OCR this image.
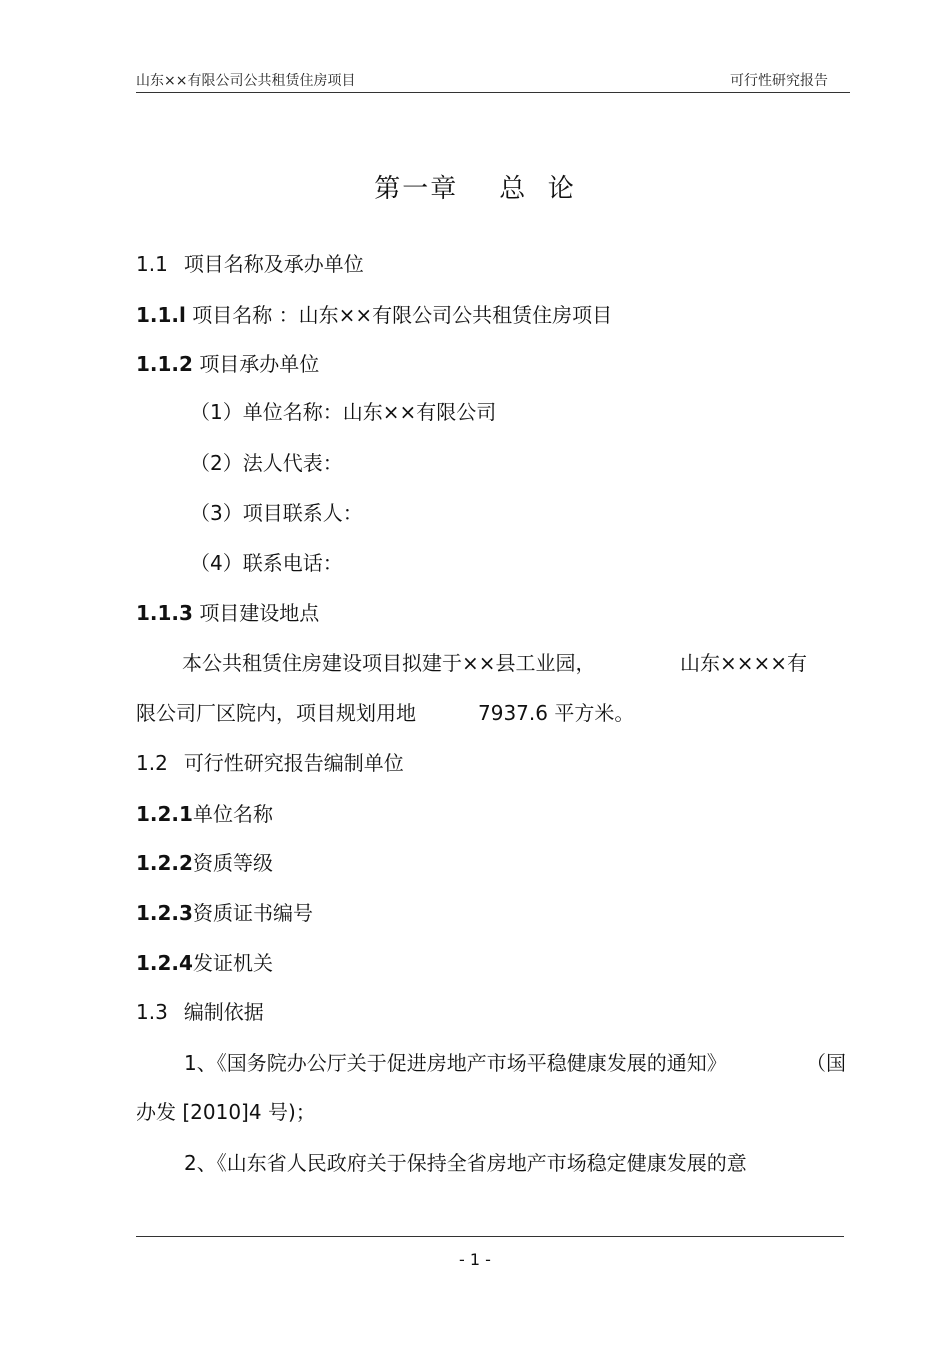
山东××有限公司公共租赁住房项目	可行性研究报告
第一章    总  论
1.1 项目名称及承办单位
1.1.l 项目名称 ：山东××有限公司公共租赁住房项目
1.1.2 项目承办单位
（1）单位名称：山东××有限公司
（2）法人代表：
（3）项目联系人：
（4）联系电话：
1.1.3 项目建设地点
本公共租赁住房建设项目拟建于××县工业园，	山东××××有
限公司厂区院内，项目规划用地	7937.6 平方米。
1.2 可行性研究报告编制单位
1.2.1单位名称
1.2.2资质等级
1.2.3资质证书编号
1.2.4发证机关
1.3 编制依据
1、《国务院办公厅关于促进房地产市场平稳健康发展的通知》	（国
办发 [2010]4 号)；
2、《山东省人民政府关于保持全省房地产市场稳定健康发展的意
- 1 -
